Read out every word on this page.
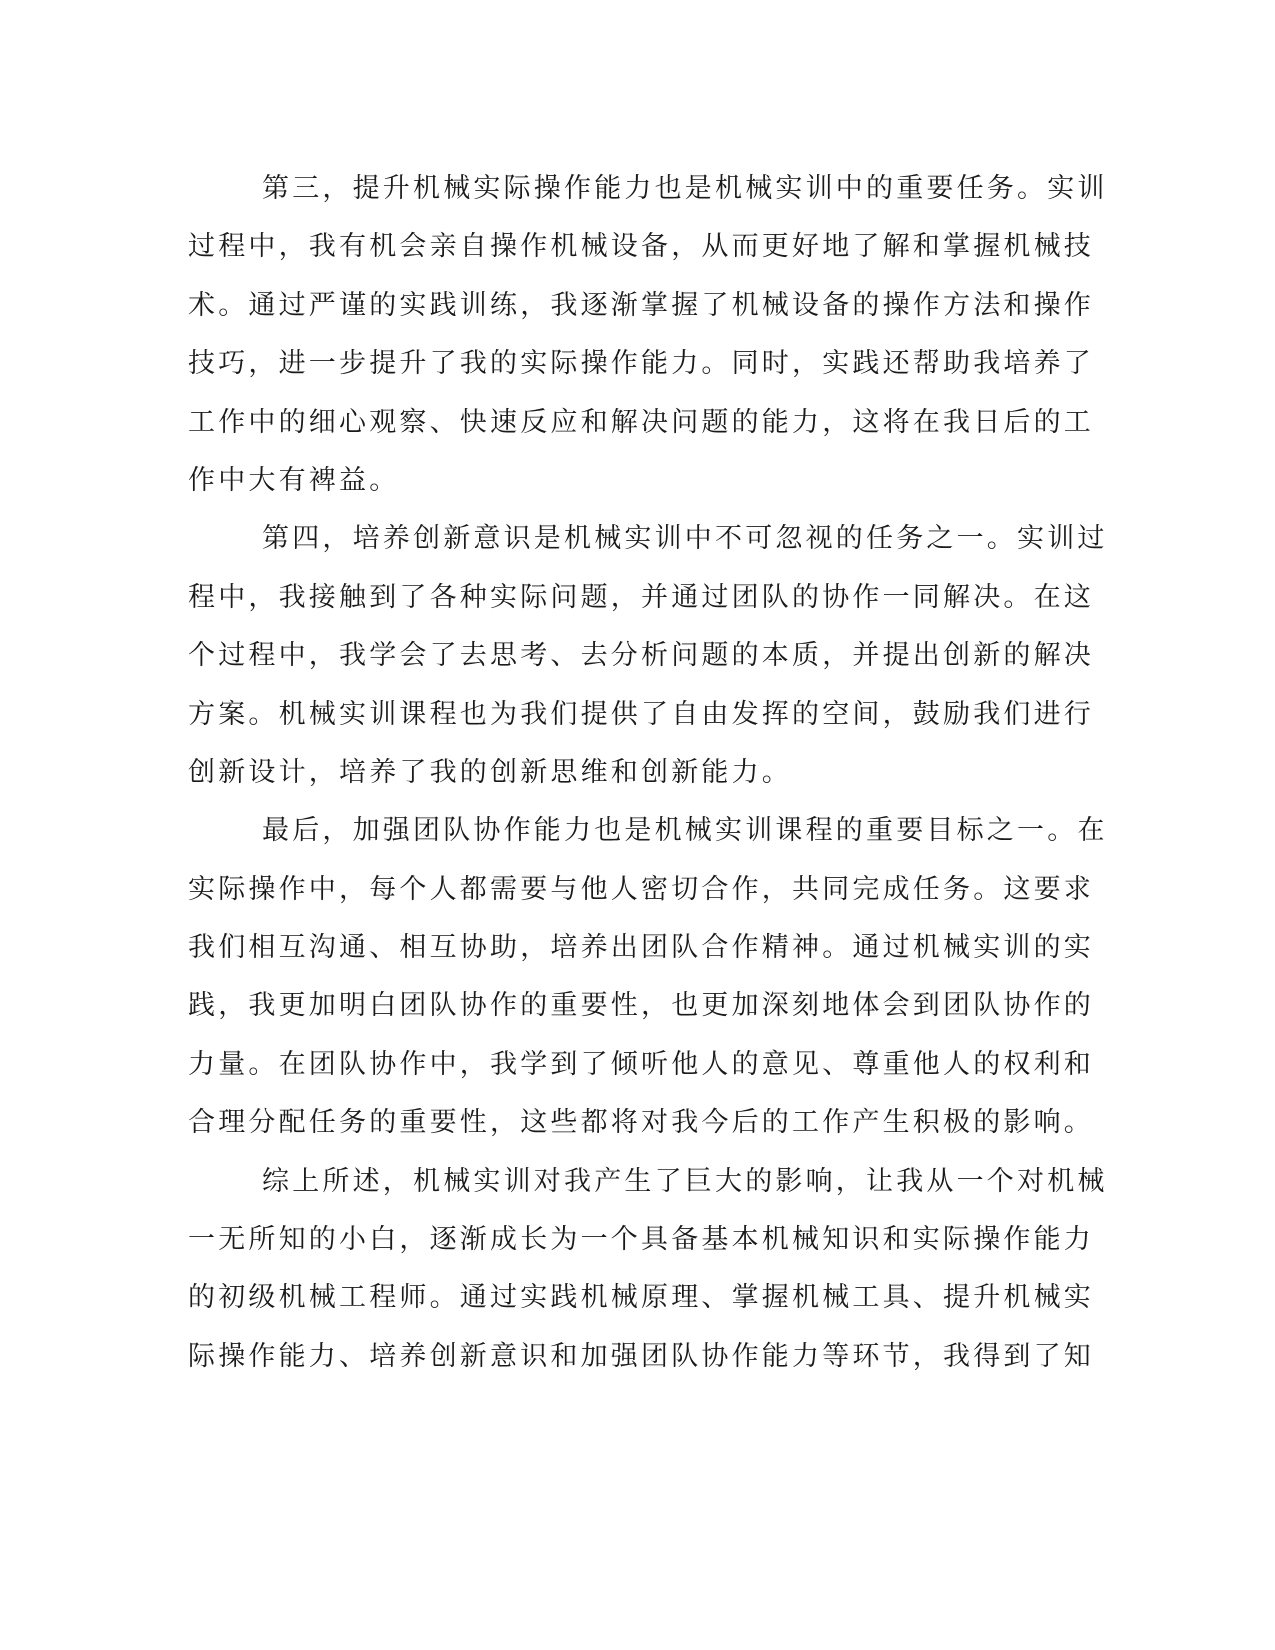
第三，提升机械实际操作能力也是机械实训中的重要任务。实训
过程中，我有机会亲自操作机械设备，从而更好地了解和掌握机械技
术。通过严谨的实践训练，我逐渐掌握了机械设备的操作方法和操作
技巧，进一步提升了我的实际操作能力。同时，实践还帮助我培养了
工作中的细心观察、快速反应和解决问题的能力，这将在我日后的工
作中大有裨益。
第四，培养创新意识是机械实训中不可忽视的任务之一。实训过
程中，我接触到了各种实际问题，并通过团队的协作一同解决。在这
个过程中，我学会了去思考、去分析问题的本质，并提出创新的解决
方案。机械实训课程也为我们提供了自由发挥的空间，鼓励我们进行
创新设计，培养了我的创新思维和创新能力。
最后，加强团队协作能力也是机械实训课程的重要目标之一。在
实际操作中，每个人都需要与他人密切合作，共同完成任务。这要求
我们相互沟通、相互协助，培养出团队合作精神。通过机械实训的实
践，我更加明白团队协作的重要性，也更加深刻地体会到团队协作的
力量。在团队协作中，我学到了倾听他人的意见、尊重他人的权利和
合理分配任务的重要性，这些都将对我今后的工作产生积极的影响。
综上所述，机械实训对我产生了巨大的影响，让我从一个对机械
一无所知的小白，逐渐成长为一个具备基本机械知识和实际操作能力
的初级机械工程师。通过实践机械原理、掌握机械工具、提升机械实
际操作能力、培养创新意识和加强团队协作能力等环节，我得到了知
